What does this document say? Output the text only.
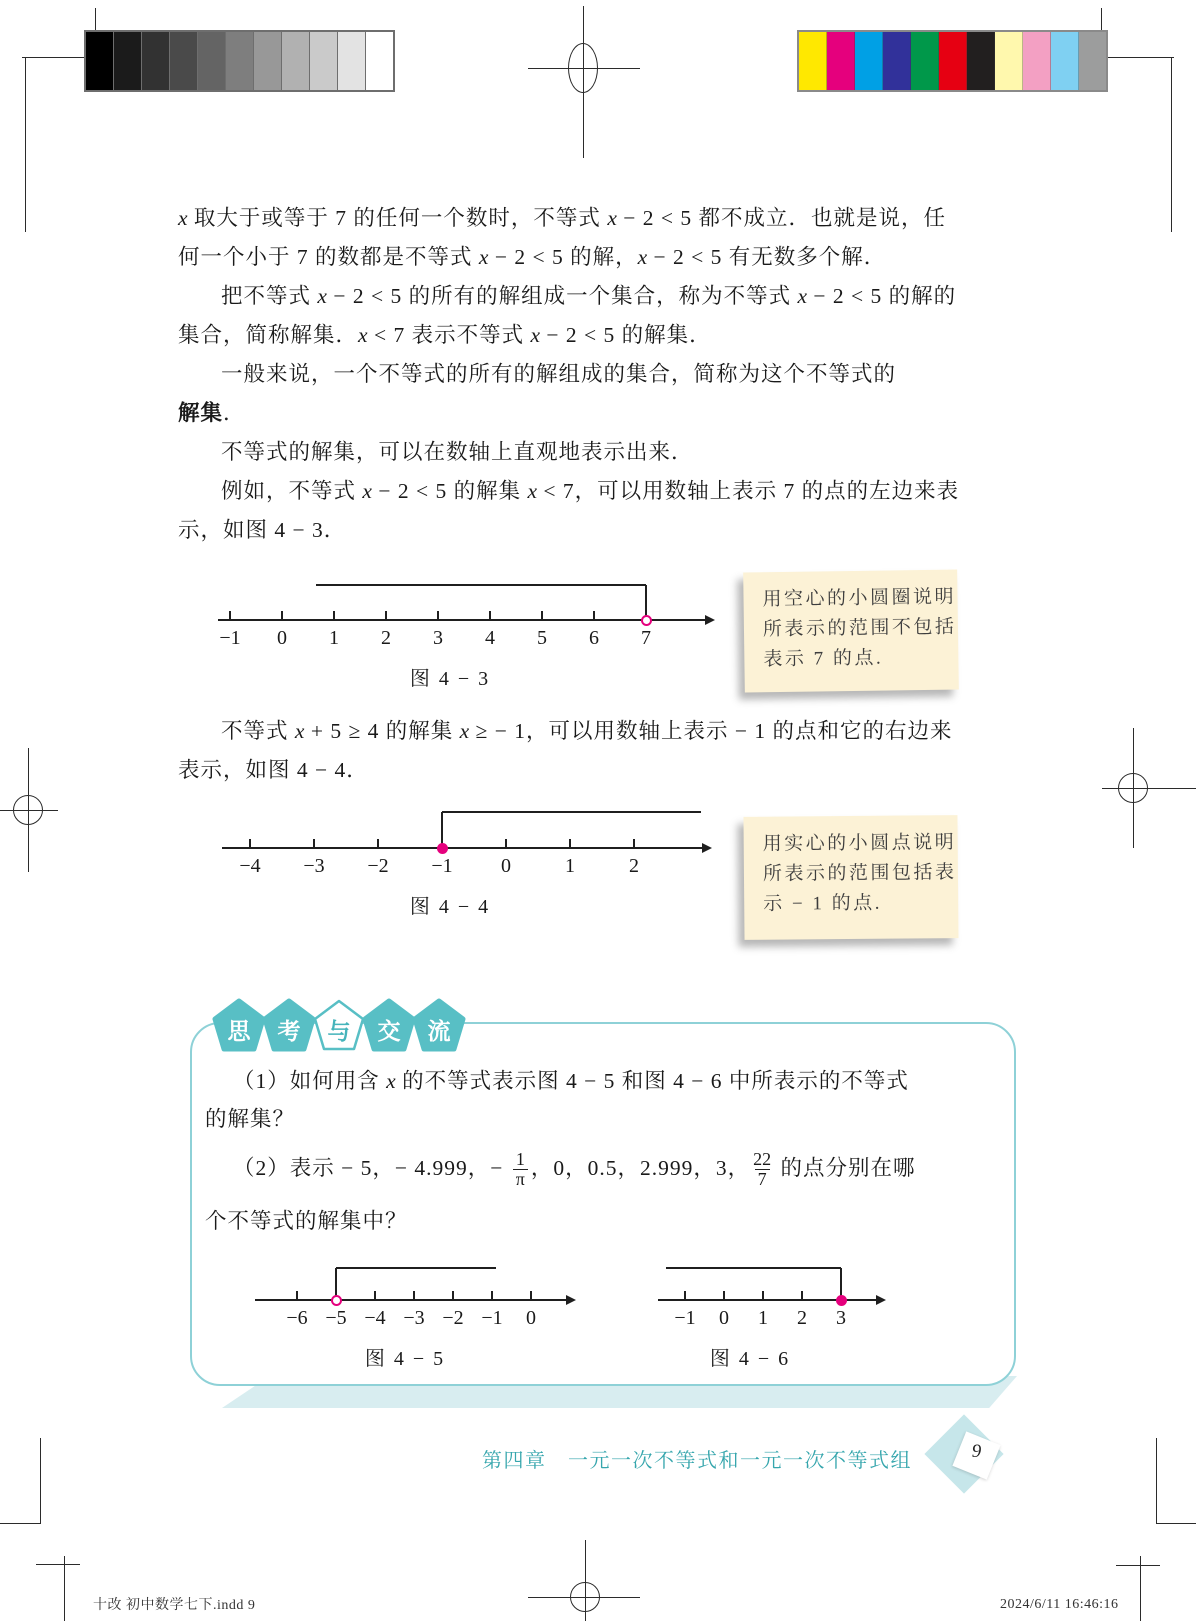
x 取大于或等于 7 的任何一个数时，不等式 x − 2 < 5 都不成立．也就是说，任
何一个小于 7 的数都是不等式 x − 2 < 5 的解，x − 2 < 5 有无数多个解．
把不等式 x − 2 < 5 的所有的解组成一个集合，称为不等式 x − 2 < 5 的解的
集合，简称解集．x < 7 表示不等式 x − 2 < 5 的解集．
一般来说，一个不等式的所有的解组成的集合，简称为这个不等式的
解集．
不等式的解集，可以在数轴上直观地表示出来．
例如，不等式 x − 2 < 5 的解集 x < 7，可以用数轴上表示 7 的点的左边来表
示，如图 4 − 3．
不等式 x + 5 ≥ 4 的解集 x ≥ − 1，可以用数轴上表示 − 1 的点和它的右边来
表示，如图 4 − 4．
用空心的小圆圈说明
所表示的范围不包括
表示 7 的点.
用实心的小圆点说明
所表示的范围包括表
示 − 1 的点.
（1）如何用含 x 的不等式表示图 4 − 5 和图 4 − 6 中所表示的不等式
的解集？
（2）表示 − 5，− 4.999，− $\frac{1}{\pi}$ ，0，0.5，2.999，3， $\frac{22}{7}$ 的点分别在哪
个不等式的解集中？
−1	0	1	2	3	4	5	6	7
图 4 − 3
−4	−3	−2	−1	0	1	2
图 4 − 4
−6 −5 −4 −3 −2 −1	0
图 4 − 5
−1	0	1	2	3
图 4 − 6
第四章　一元一次不等式和一元一次不等式组	9
十改 初中数学七下.indd 9	2024/6/11 16:46:16
思	考	与	交	流
